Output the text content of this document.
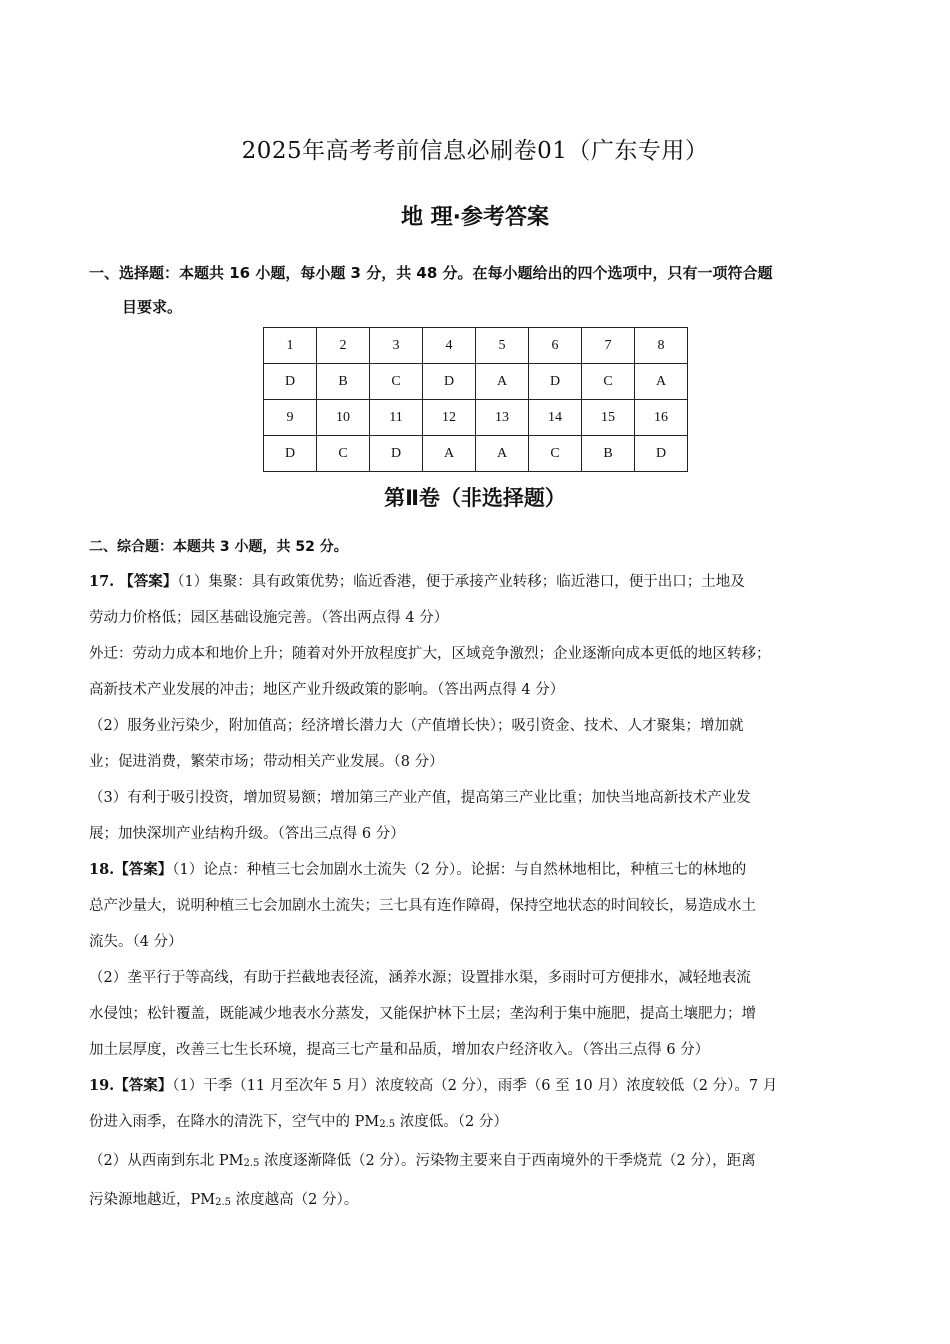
2025年高考考前信息必刷卷01（广东专用）
地 理·参考答案
一、选择题：本题共 16 小题，每小题 3 分，共 48 分。在每小题给出的四个选项中，只有一项符合题
目要求。
1	2	3	4	5	6	7	8
D	B	C	D	A	D	C	A
9	10	11	12	13	14	15	16
D	C	D	A	A	C	B	D
第Ⅱ卷（非选择题）
二、综合题：本题共 3 小题，共 52 分。

17. 【答案】（1）集聚：具有政策优势；临近香港，便于承接产业转移；临近港口，便于出口；土地及

劳动力价格低；园区基础设施完善。（答出两点得 4 分）

外迁：劳动力成本和地价上升；随着对外开放程度扩大，区域竞争激烈；企业逐渐向成本更低的地区转移；

高新技术产业发展的冲击；地区产业升级政策的影响。（答出两点得 4 分）

（2）服务业污染少，附加值高；经济增长潜力大（产值增长快）；吸引资金、技术、人才聚集；增加就

业；促进消费，繁荣市场；带动相关产业发展。（8 分）

（3）有利于吸引投资，增加贸易额；增加第三产业产值，提高第三产业比重；加快当地高新技术产业发

展；加快深圳产业结构升级。（答出三点得 6 分）

18.【答案】（1）论点：种植三七会加剧水土流失（2 分）。论据：与自然林地相比，种植三七的林地的

总产沙量大，说明种植三七会加剧水土流失；三七具有连作障碍，保持空地状态的时间较长，易造成水土

流失。（4 分）

（2）垄平行于等高线，有助于拦截地表径流，涵养水源；设置排水渠，多雨时可方便排水，减轻地表流

水侵蚀；松针覆盖，既能减少地表水分蒸发，又能保护林下土层；垄沟利于集中施肥，提高土壤肥力；增

加土层厚度，改善三七生长环境，提高三七产量和品质，增加农户经济收入。（答出三点得 6 分）

19.【答案】（1）干季（11 月至次年 5 月）浓度较高（2 分），雨季（6 至 10 月）浓度较低（2 分）。7 月

份进入雨季，在降水的清洗下，空气中的 $PM_{2.5}$ 浓度低。（2 分）

（2）从西南到东北 $PM_{2.5}$ 浓度逐渐降低（2 分）。污染物主要来自于西南境外的干季烧荒（2 分），距离

污染源地越近，$PM_{2.5}$ 浓度越高（2 分）。
